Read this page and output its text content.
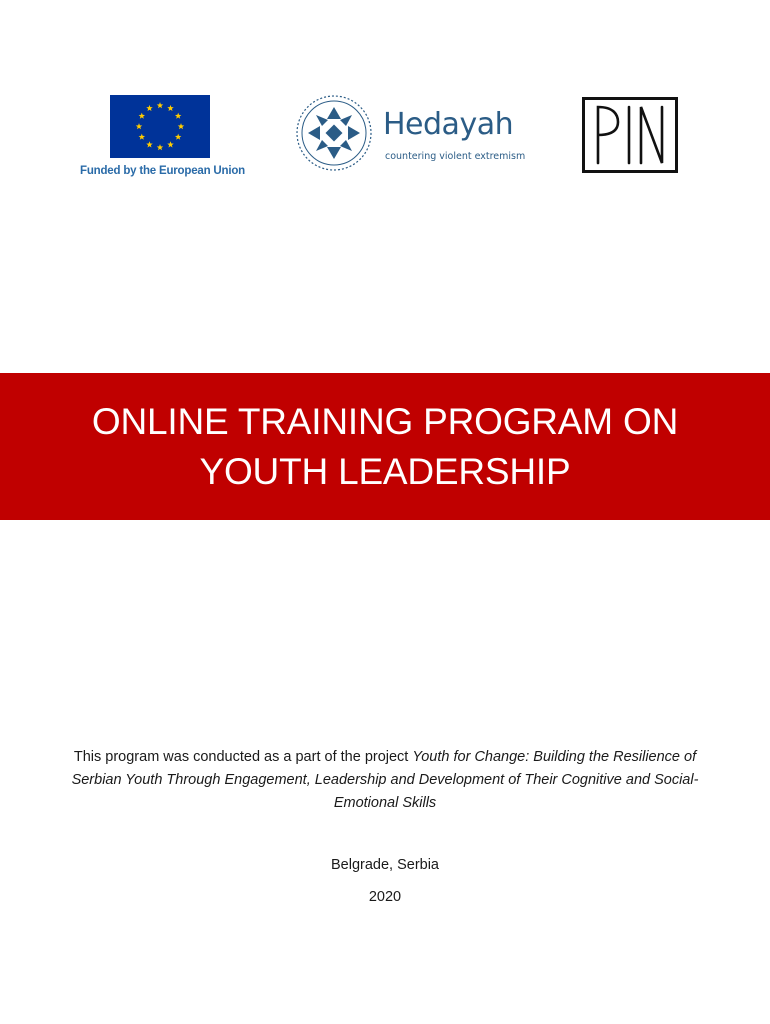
Funded by the European Union
Hedayah
countering violent extremism
ONLINE TRAINING PROGRAM ON
YOUTH LEADERSHIP
This program was conducted as a part of the project Youth for Change: Building the Resilience of Serbian Youth Through Engagement, Leadership and Development of Their Cognitive and Social-Emotional Skills
Belgrade, Serbia
2020
